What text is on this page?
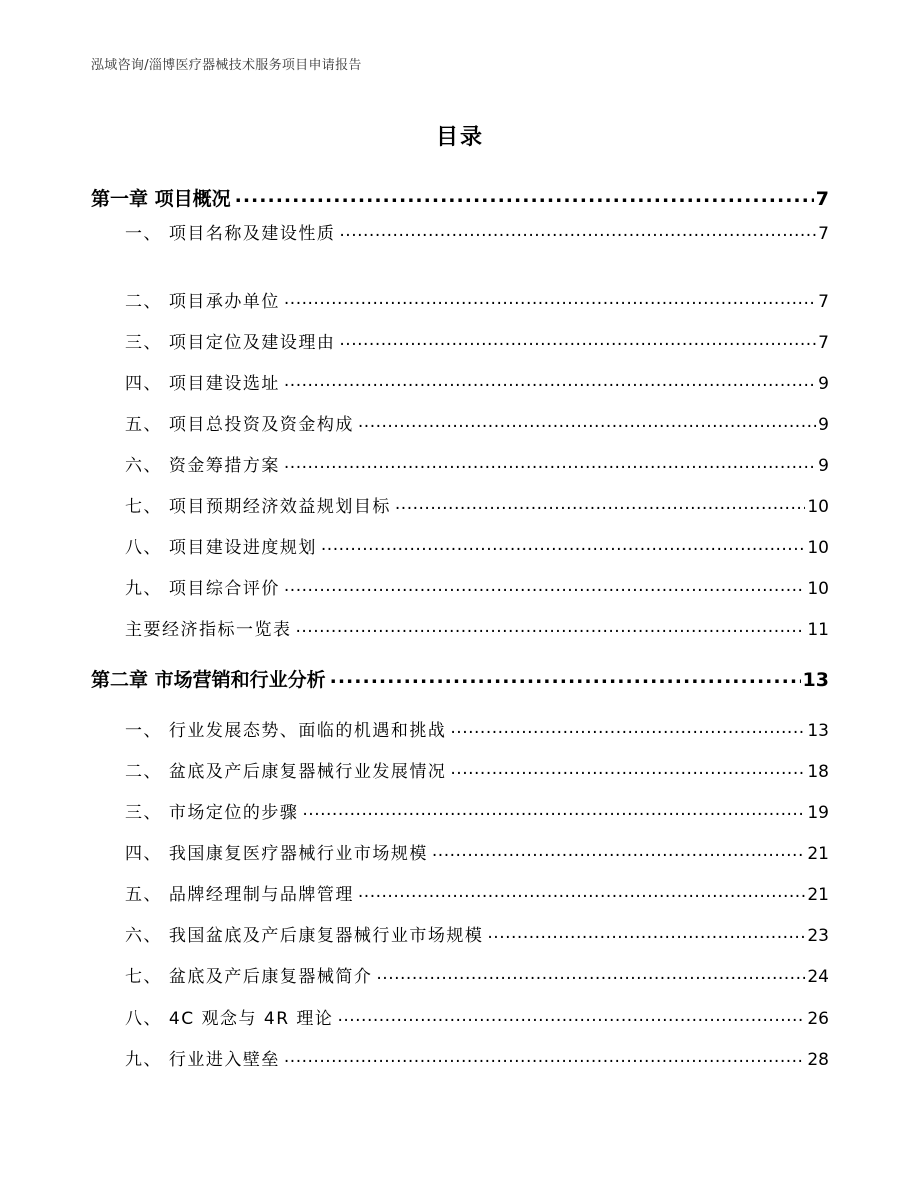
泓域咨询/淄博医疗器械技术服务项目申请报告
目录
第一章 项目概况 .....	7
一、 项目名称及建设性质 .....	7
二、 项目承办单位 .....	7
三、 项目定位及建设理由 .....	7
四、 项目建设选址 .....	9
五、 项目总投资及资金构成 .....	9
六、 资金筹措方案 .....	9
七、 项目预期经济效益规划目标 .....	10
八、 项目建设进度规划 .....	10
九、 项目综合评价 .....	10
主要经济指标一览表 .....	11
第二章 市场营销和行业分析 .....	13
一、 行业发展态势、面临的机遇和挑战 .....	13
二、 盆底及产后康复器械行业发展情况 .....	18
三、 市场定位的步骤 .....	19
四、 我国康复医疗器械行业市场规模 .....	21
五、 品牌经理制与品牌管理 .....	21
六、 我国盆底及产后康复器械行业市场规模 .....	23
七、 盆底及产后康复器械简介 .....	24
八、 4C 观念与 4R 理论 .....	26
九、 行业进入壁垒 .....	28
